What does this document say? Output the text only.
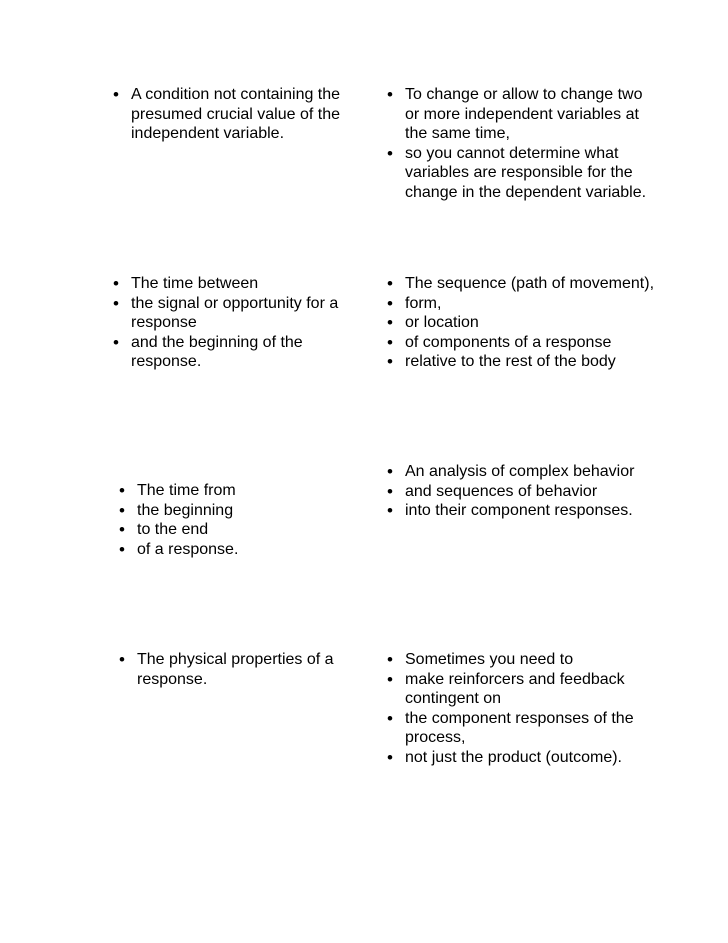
• A condition not containing the presumed crucial value of the independent variable.
• To change or allow to change two or more independent variables at the same time,
• so you cannot determine what variables are responsible for the change in the dependent variable.
• The time between
• the signal or opportunity for a response
• and the beginning of the response.
• The sequence (path of movement),
• form,
• or location
• of components of a response
• relative to the rest of the body
• The time from
• the beginning
• to the end
• of a response.
• An analysis of complex behavior
• and sequences of behavior
• into their component responses.
• The physical properties of a response.
• Sometimes you need to
• make reinforcers and feedback contingent on
• the component responses of the process,
• not just the product (outcome).
